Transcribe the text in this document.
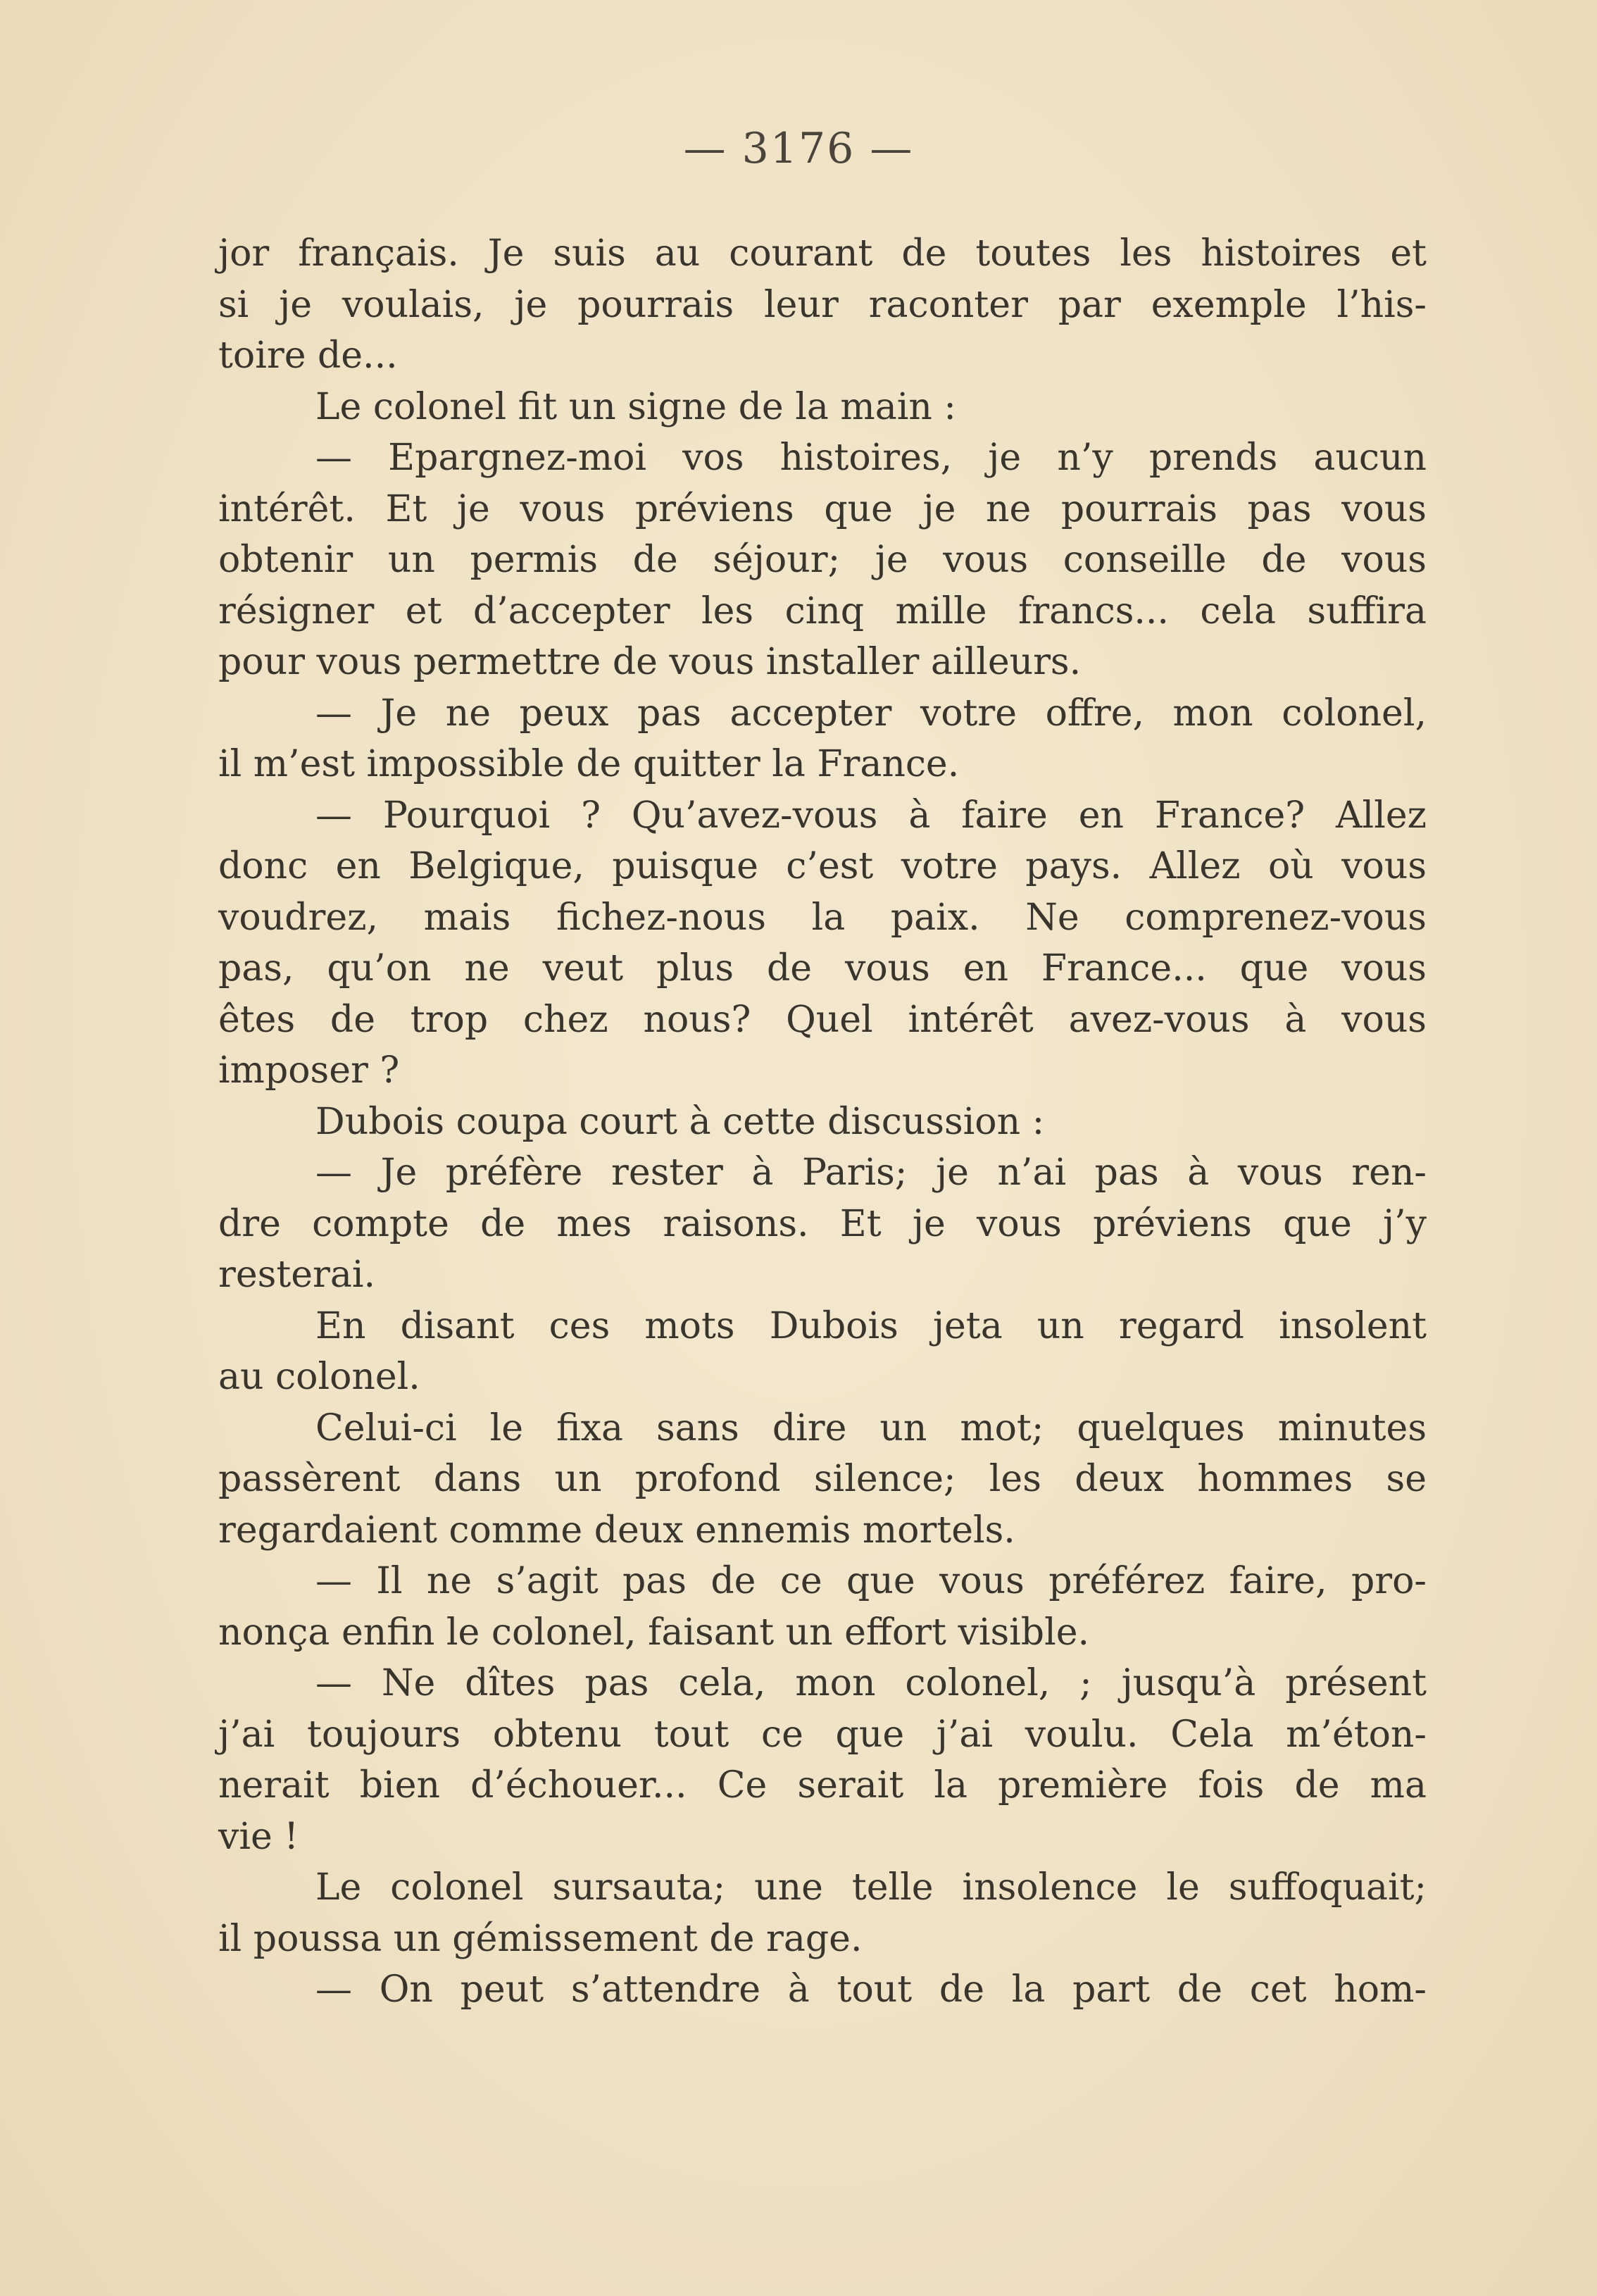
— 3176 —
jor français. Je suis au courant de toutes les histoires et
si je voulais, je pourrais leur raconter par exemple l’his-
toire de...
Le colonel fit un signe de la main :
— Epargnez-moi vos histoires, je n’y prends aucun
intérêt. Et je vous préviens que je ne pourrais pas vous
obtenir un permis de séjour; je vous conseille de vous
résigner et d’accepter les cinq mille francs... cela suffira
pour vous permettre de vous installer ailleurs.
— Je ne peux pas accepter votre offre, mon colonel,
il m’est impossible de quitter la France.
— Pourquoi ? Qu’avez-vous à faire en France? Allez
donc en Belgique, puisque c’est votre pays. Allez où vous
voudrez, mais fichez-nous la paix. Ne comprenez-vous
pas, qu’on ne veut plus de vous en France... que vous
êtes de trop chez nous? Quel intérêt avez-vous à vous
imposer ?
Dubois coupa court à cette discussion :
— Je préfère rester à Paris; je n’ai pas à vous ren-
dre compte de mes raisons. Et je vous préviens que j’y
resterai.
En disant ces mots Dubois jeta un regard insolent
au colonel.
Celui-ci le fixa sans dire un mot; quelques minutes
passèrent dans un profond silence; les deux hommes se
regardaient comme deux ennemis mortels.
— Il ne s’agit pas de ce que vous préférez faire, pro-
nonça enfin le colonel, faisant un effort visible.
— Ne dîtes pas cela, mon colonel, ; jusqu’à présent
j’ai toujours obtenu tout ce que j’ai voulu. Cela m’éton-
nerait bien d’échouer... Ce serait la première fois de ma
vie !
Le colonel sursauta; une telle insolence le suffoquait;
il poussa un gémissement de rage.
— On peut s’attendre à tout de la part de cet hom-
